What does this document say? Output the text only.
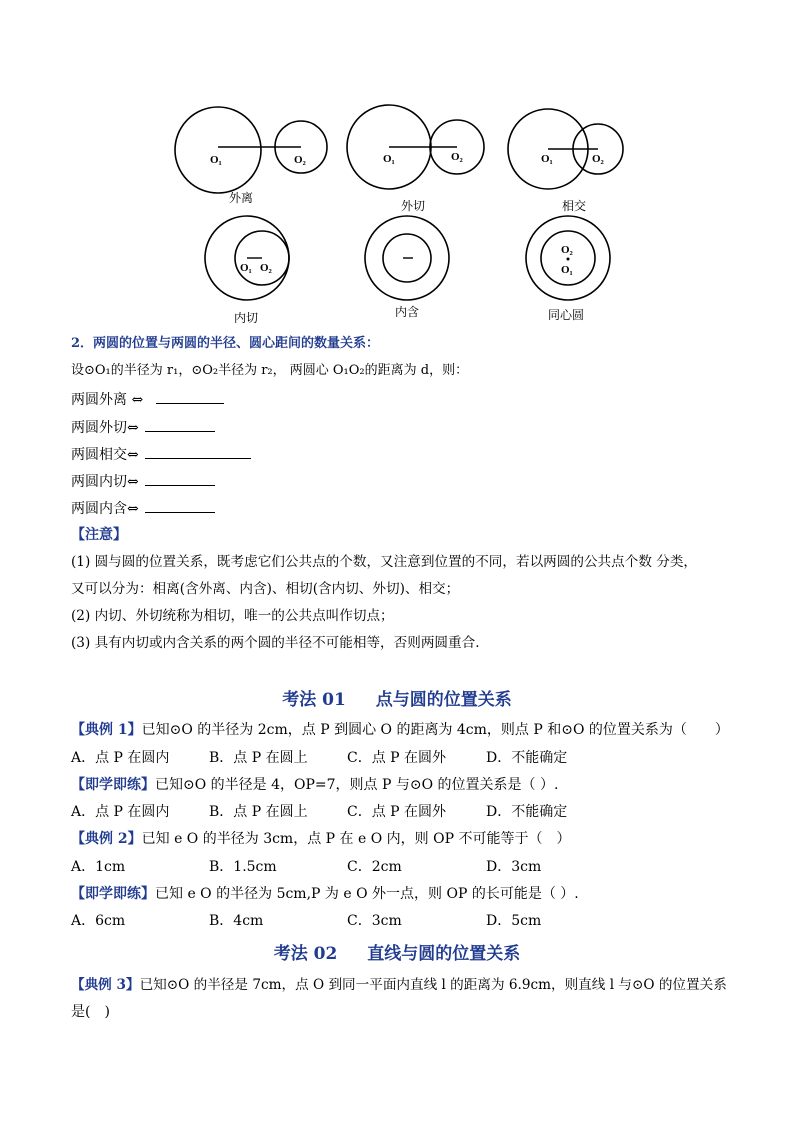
O₁	O₂	O₁	O₂	O₁	O₂
O₁ O₂
O₂
O₁
外离
外切	相交
内切	内含	同心圆
2．两圆的位置与两圆的半径、圆心距间的数量关系：
设⊙O₁的半径为 r₁，⊙O₂半径为 r₂， 两圆心 O₁O₂的距离为 d，则：
两圆外离 ⇔
两圆外切⇔
两圆相交⇔
两圆内切⇔
两圆内含⇔
【注意】
(1) 圆与圆的位置关系，既考虑它们公共点的个数，又注意到位置的不同，若以两圆的公共点个数 分类，
又可以分为：相离(含外离、内含)、相切(含内切、外切)、相交；
(2) 内切、外切统称为相切，唯一的公共点叫作切点；
(3) 具有内切或内含关系的两个圆的半径不可能相等，否则两圆重合.
考法 01 点与圆的位置关系
【典例 1】已知⊙O 的半径为 2cm，点 P 到圆心 O 的距离为 4cm，则点 P 和⊙O 的位置关系为（　　）
A．点 P 在圆内	B．点 P 在圆上	C．点 P 在圆外	D．不能确定
【即学即练】已知⊙O 的半径是 4，OP=7，则点 P 与⊙O 的位置关系是（ ）.
A．点 P 在圆内	B．点 P 在圆上	C．点 P 在圆外	D．不能确定
【典例 2】已知 e O 的半径为 3cm，点 P 在 e O 内，则 OP 不可能等于（　）
A．1cm	B．1.5cm	C．2cm	D．3cm
【即学即练】已知 e O 的半径为 5cm,P 为 e O 外一点，则 OP 的长可能是（ ）.
A．6cm	B．4cm	C．3cm	D．5cm
考法 02 直线与圆的位置关系
【典例 3】已知⊙O 的半径是 7cm，点 O 到同一平面内直线 l 的距离为 6.9cm，则直线 l 与⊙O 的位置关系
是(　)
